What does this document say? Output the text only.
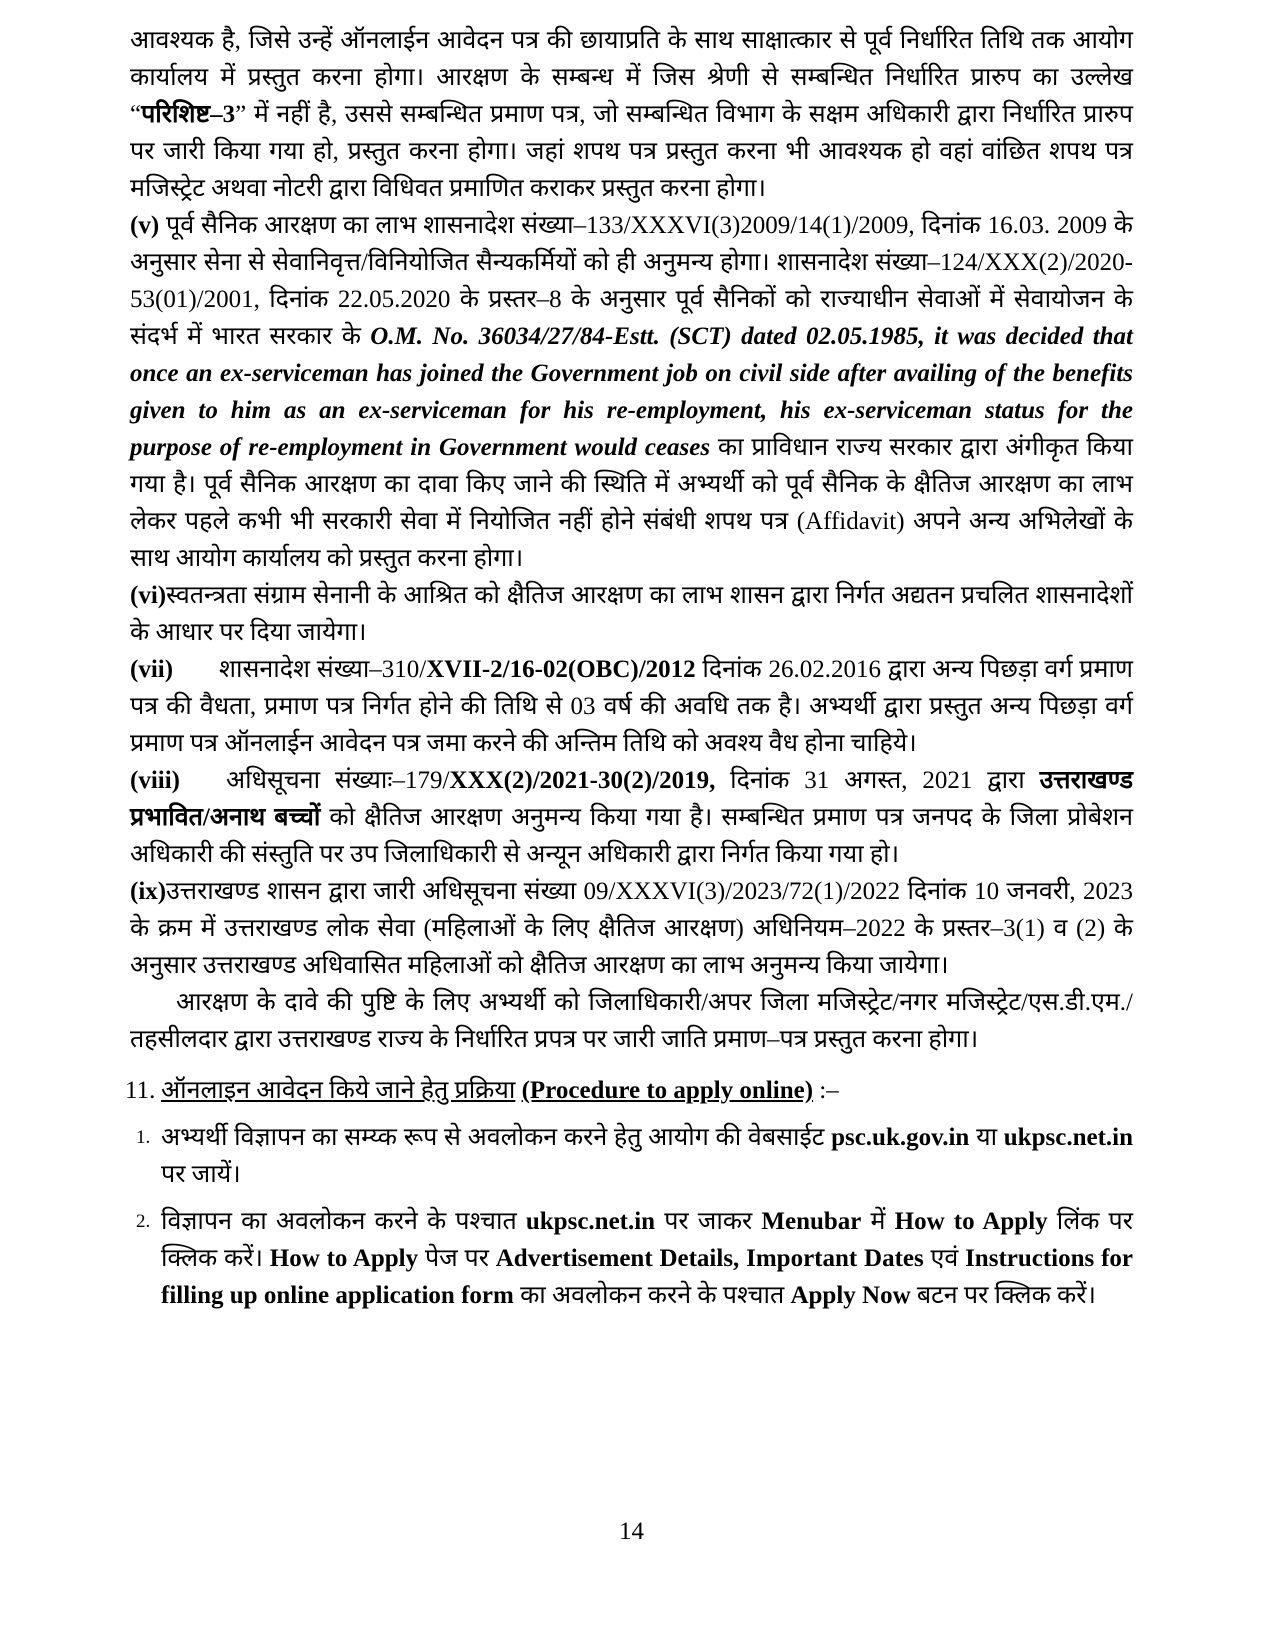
आवश्यक है, जिसे उन्हें ऑनलाईन आवेदन पत्र की छायाप्रति के साथ साक्षात्कार से पूर्व निर्धारित तिथि तक आयोग कार्यालय में प्रस्तुत करना होगा। आरक्षण के सम्बन्ध में जिस श्रेणी से सम्बन्धित निर्धारित प्रारुप का उल्लेख “परिशिष्ट–3” में नहीं है, उससे सम्बन्धित प्रमाण पत्र, जो सम्बन्धित विभाग के सक्षम अधिकारी द्वारा निर्धारित प्रारुप पर जारी किया गया हो, प्रस्तुत करना होगा। जहां शपथ पत्र प्रस्तुत करना भी आवश्यक हो वहां वांछित शपथ पत्र मजिस्ट्रेट अथवा नोटरी द्वारा विधिवत प्रमाणित कराकर प्रस्तुत करना होगा।

(v) पूर्व सैनिक आरक्षण का लाभ शासनादेश संख्या–133/XXXVI(3)2009/14(1)/2009, दिनांक 16.03. 2009 के अनुसार सेना से सेवानिवृत्त/विनियोजित सैन्यकर्मियों को ही अनुमन्य होगा। शासनादेश संख्या–124/XXX(2)/2020-53(01)/2001, दिनांक 22.05.2020 के प्रस्तर–8 के अनुसार पूर्व सैनिकों को राज्याधीन सेवाओं में सेवायोजन के संदर्भ में भारत सरकार के O.M. No. 36034/27/84-Estt. (SCT) dated 02.05.1985, it was decided that once an ex-serviceman has joined the Government job on civil side after availing of the benefits given to him as an ex-serviceman for his re-employment, his ex-serviceman status for the purpose of re-employment in Government would ceases का प्राविधान राज्य सरकार द्वारा अंगीकृत किया गया है। पूर्व सैनिक आरक्षण का दावा किए जाने की स्थिति में अभ्यर्थी को पूर्व सैनिक के क्षैतिज आरक्षण का लाभ लेकर पहले कभी भी सरकारी सेवा में नियोजित नहीं होने संबंधी शपथ पत्र (Affidavit) अपने अन्य अभिलेखों के साथ आयोग कार्यालय को प्रस्तुत करना होगा।

(vi)स्वतन्त्रता संग्राम सेनानी के आश्रित को क्षैतिज आरक्षण का लाभ शासन द्वारा निर्गत अद्यतन प्रचलित शासनादेशों के आधार पर दिया जायेगा।

(vii) शासनादेश संख्या–310/XVII-2/16-02(OBC)/2012 दिनांक 26.02.2016 द्वारा अन्य पिछड़ा वर्ग प्रमाण पत्र की वैधता, प्रमाण पत्र निर्गत होने की तिथि से 03 वर्ष की अवधि तक है। अभ्यर्थी द्वारा प्रस्तुत अन्य पिछड़ा वर्ग प्रमाण पत्र ऑनलाईन आवेदन पत्र जमा करने की अन्तिम तिथि को अवश्य वैध होना चाहिये।

(viii) अधिसूचना संख्याः–179/XXX(2)/2021-30(2)/2019, दिनांक 31 अगस्त, 2021 द्वारा उत्तराखण्ड प्रभावित/अनाथ बच्चों को क्षैतिज आरक्षण अनुमन्य किया गया है। सम्बन्धित प्रमाण पत्र जनपद के जिला प्रोबेशन अधिकारी की संस्तुति पर उप जिलाधिकारी से अन्यून अधिकारी द्वारा निर्गत किया गया हो।

(ix)उत्तराखण्ड शासन द्वारा जारी अधिसूचना संख्या 09/XXXVI(3)/2023/72(1)/2022 दिनांक 10 जनवरी, 2023 के क्रम में उत्तराखण्ड लोक सेवा (महिलाओं के लिए क्षैतिज आरक्षण) अधिनियम–2022 के प्रस्तर–3(1) व (2) के अनुसार उत्तराखण्ड अधिवासित महिलाओं को क्षैतिज आरक्षण का लाभ अनुमन्य किया जायेगा।

आरक्षण के दावे की पुष्टि के लिए अभ्यर्थी को जिलाधिकारी/अपर जिला मजिस्ट्रेट/नगर मजिस्ट्रेट/एस.डी.एम./तहसीलदार द्वारा उत्तराखण्ड राज्य के निर्धारित प्रपत्र पर जारी जाति प्रमाण–पत्र प्रस्तुत करना होगा।

11. ऑनलाइन आवेदन किये जाने हेतु प्रक्रिया (Procedure to apply online) :–
1. अभ्यर्थी विज्ञापन का सम्य्क रूप से अवलोकन करने हेतु आयोग की वेबसाईट psc.uk.gov.in या ukpsc.net.in पर जायें।
2. विज्ञापन का अवलोकन करने के पश्चात ukpsc.net.in पर जाकर Menubar में How to Apply लिंक पर क्लिक करें। How to Apply पेज पर Advertisement Details, Important Dates एवं Instructions for filling up online application form का अवलोकन करने के पश्चात Apply Now बटन पर क्लिक करें।
14
